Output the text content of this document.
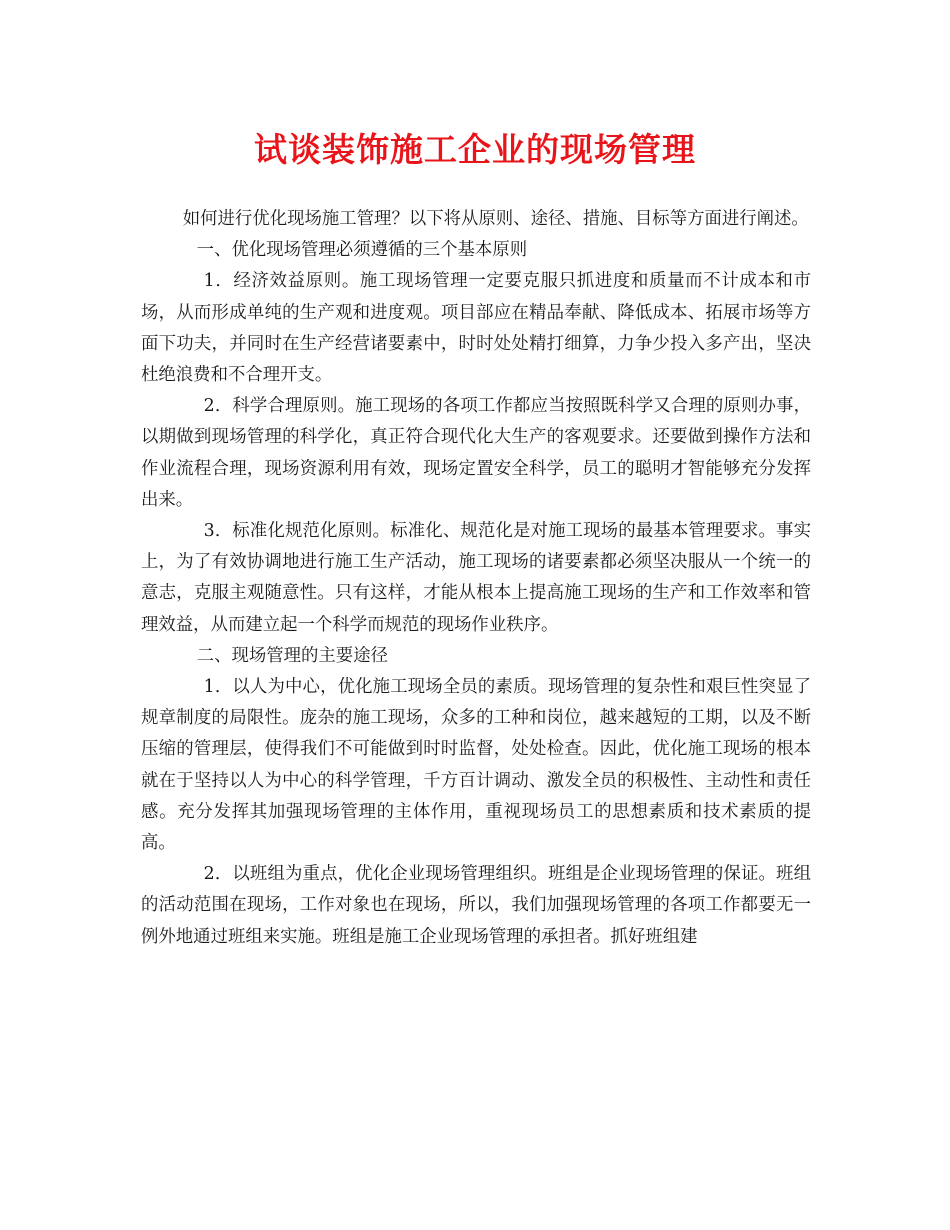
试谈装饰施工企业的现场管理

如何进行优化现场施工管理？以下将从原则、途径、措施、目标等方面进行阐述。

一、优化现场管理必须遵循的三个基本原则

1．经济效益原则。施工现场管理一定要克服只抓进度和质量而不计成本和市场，从而形成单纯的生产观和进度观。项目部应在精品奉献、降低成本、拓展市场等方面下功夫，并同时在生产经营诸要素中，时时处处精打细算，力争少投入多产出，坚决杜绝浪费和不合理开支。

2．科学合理原则。施工现场的各项工作都应当按照既科学又合理的原则办事，以期做到现场管理的科学化，真正符合现代化大生产的客观要求。还要做到操作方法和作业流程合理，现场资源利用有效，现场定置安全科学，员工的聪明才智能够充分发挥出来。

3．标准化规范化原则。标准化、规范化是对施工现场的最基本管理要求。事实上，为了有效协调地进行施工生产活动，施工现场的诸要素都必须坚决服从一个统一的意志，克服主观随意性。只有这样，才能从根本上提高施工现场的生产和工作效率和管理效益，从而建立起一个科学而规范的现场作业秩序。

二、现场管理的主要途径

1．以人为中心，优化施工现场全员的素质。现场管理的复杂性和艰巨性突显了规章制度的局限性。庞杂的施工现场，众多的工种和岗位，越来越短的工期，以及不断压缩的管理层，使得我们不可能做到时时监督，处处检查。因此，优化施工现场的根本就在于坚持以人为中心的科学管理，千方百计调动、激发全员的积极性、主动性和责任感。充分发挥其加强现场管理的主体作用，重视现场员工的思想素质和技术素质的提高。

2．以班组为重点，优化企业现场管理组织。班组是企业现场管理的保证。班组的活动范围在现场，工作对象也在现场，所以，我们加强现场管理的各项工作都要无一例外地通过班组来实施。班组是施工企业现场管理的承担者。抓好班组建
